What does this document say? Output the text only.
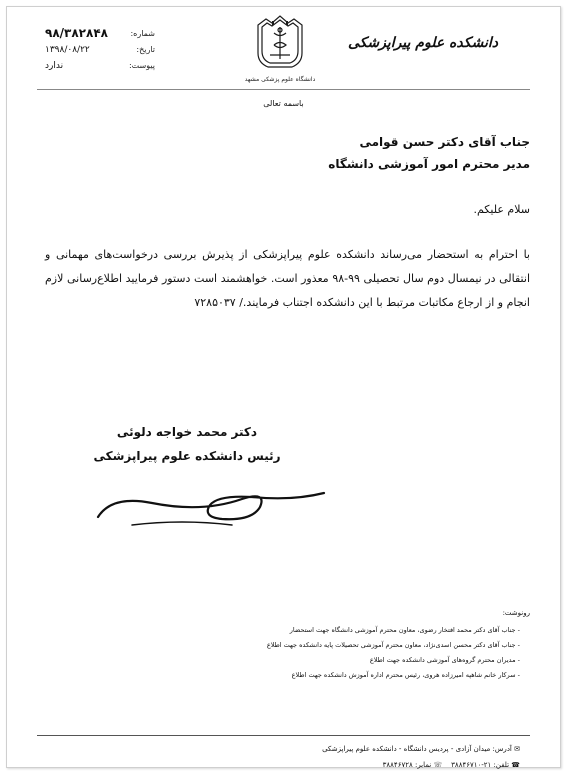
شماره:
۹۸/۳۸۲۸۴۸
تاریخ:
۱۳۹۸/۰۸/۲۲
پیوست:
ندارد
دانشگاه علوم پزشکی مشهد
دانشکده علوم پیراپزشکی
باسمه تعالی
جناب آقای دکتر حسن قوامی
مدیر محترم امور آموزشی دانشگاه
سلام علیکم.
با احترام به استحضار می‌رساند دانشکده علوم پیراپزشکی از پذیرش بررسی درخواست‌های مهمانی و انتقالی در نیمسال دوم سال تحصیلی ۹۹-۹۸ معذور است. خواهشمند است دستور فرمایید اطلاع‌رسانی لازم انجام و از ارجاع مکاتبات مرتبط با این دانشکده اجتناب فرمایند./ ۷۲۸۵۰۳۷
دکتر محمد خواجه دلوئی
رئیس دانشکده علوم پیراپزشکی
رونوشت:
- جناب آقای دکتر محمد افتخار رضوی، معاون محترم آموزشی دانشگاه جهت استحضار
- جناب آقای دکتر محسن اسدی‌نژاد، معاون محترم آموزشی تحصیلات پایه دانشکده جهت اطلاع
- مدیران محترم گروه‌های آموزشی دانشکده جهت اطلاع
- سرکار خانم شاهپه امیرزاده هروی، رئیس محترم اداره آموزش دانشکده جهت اطلاع
✉ آدرس: میدان آزادی - پردیس دانشگاه - دانشکده علوم پیراپزشکی
☎ تلفن: ۲۱-۳۸۸۴۶۷۱۰    ☏ نمابر: ۳۸۸۴۶۷۲۸
